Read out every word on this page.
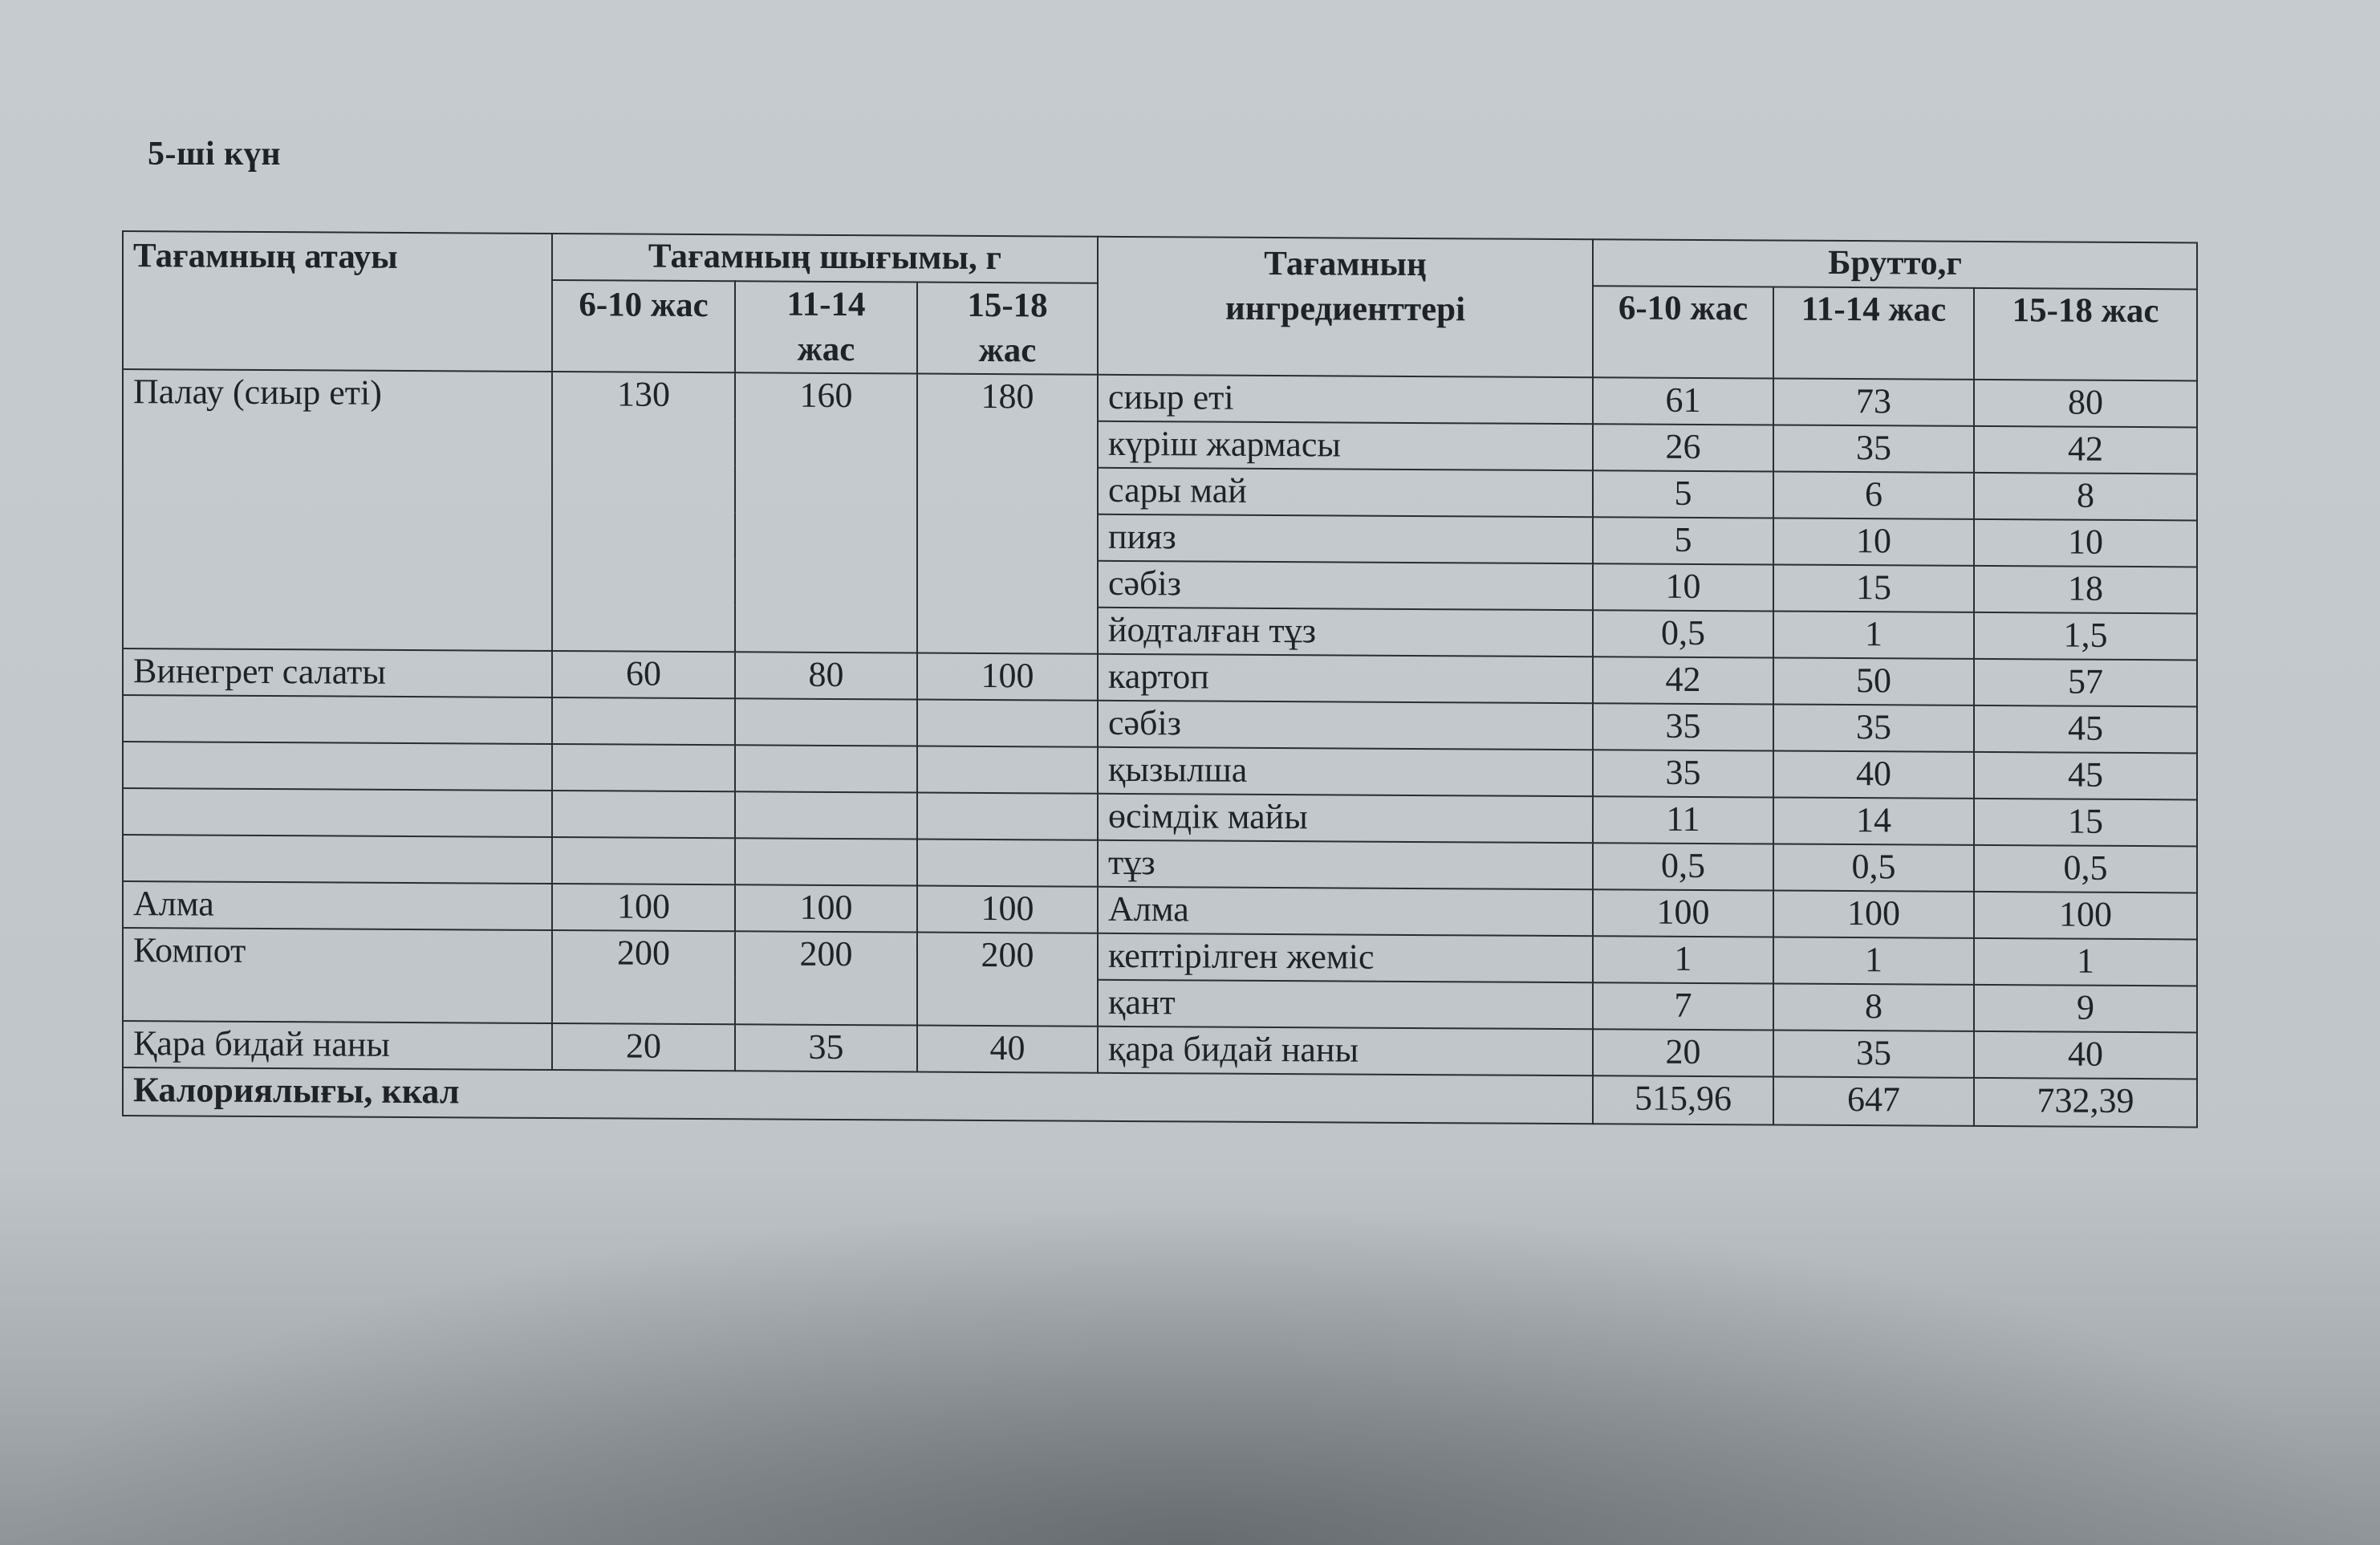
5-ші күн
Тағамның атауы	Тағамның шығымы, г			Тағамның ингредиенттері	Брутто,г		
	6-10 жас	11-14 жас	15-18 жас		6-10 жас	11-14 жас	15-18 жас

Палау (сиыр еті)	130	160	180	сиыр еті	61	73	80
				күріш жармасы	26	35	42
				сары май	5	6	8
				пияз	5	10	10
				сәбіз	10	15	18
				йодталған тұз	0,5	1	1,5
Винегрет салаты	60	80	100	картоп	42	50	57
				сәбіз	35	35	45
				қызылша	35	40	45
				өсімдік майы	11	14	15
				тұз	0,5	0,5	0,5
Алма	100	100	100	Алма	100	100	100
Компот	200	200	200	кептірілген жеміс	1	1	1
				қант	7	8	9
Қара бидай наны	20	35	40	қара бидай наны	20	35	40
Калориялығы, ккал					515,96	647	732,39
